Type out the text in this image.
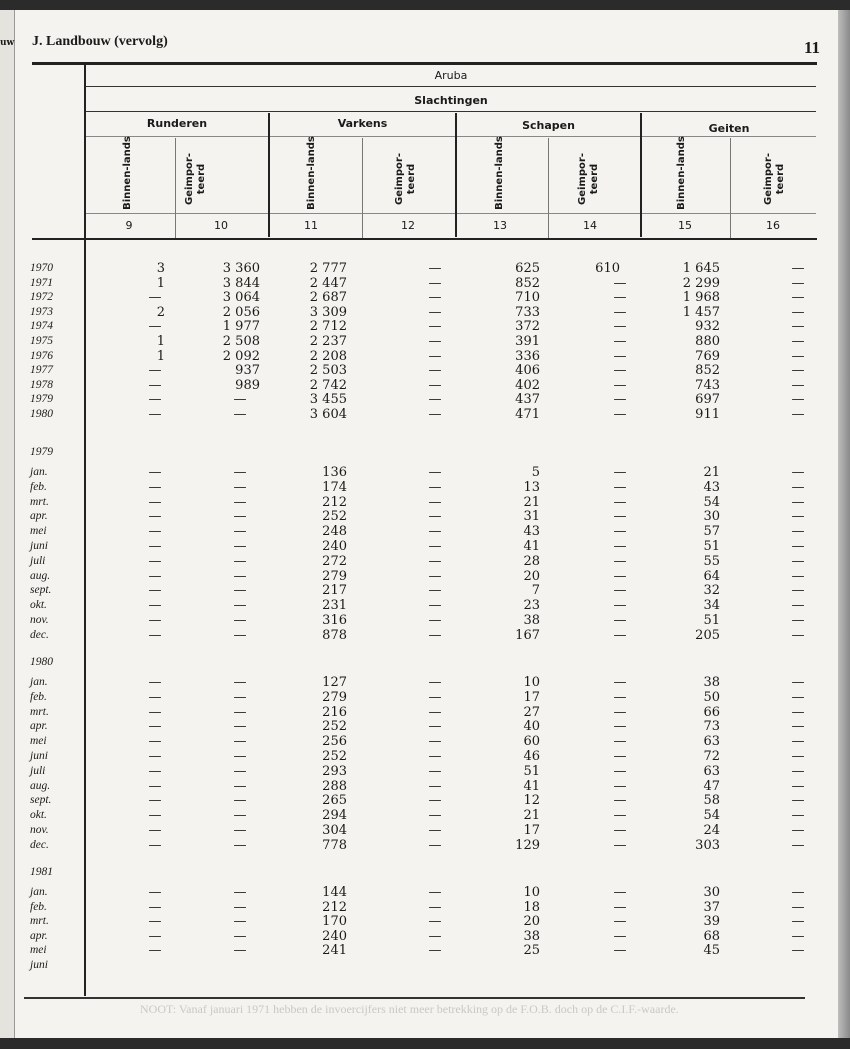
uw J. Landbouw (vervolg)	11
Aruba
Slachtingen
Runderen	Varkens	Schapen	Geiten
Binnen-lands	Geimpor-teerd	Binnen-lands	Geimpor-teerd	Binnen-lands	Geimpor-teerd	Binnen-lands	Geimpor-teerd
9	10	11	12	13	14	15	16
1970	3	3 360	2 777	—	625	610	1 645	—
1971	1	3 844	2 447	—	852	—	2 299	—
1972	—	3 064	2 687	—	710	—	1 968	—
1973	2	2 056	3 309	—	733	—	1 457	—
1974	—	1 977	2 712	—	372	—	932	—
1975	1	2 508	2 237	—	391	—	880	—
1976	1	2 092	2 208	—	336	—	769	—
1977	—	937	2 503	—	406	—	852	—
1978	—	989	2 742	—	402	—	743	—
1979	—	—	3 455	—	437	—	697	—
1980	—	—	3 604	—	471	—	911	—
1979
jan.	—	—	136	—	5	—	21	—
feb.	—	—	174	—	13	—	43	—
mrt.	—	—	212	—	21	—	54	—
apr.	—	—	252	—	31	—	30	—
mei	—	—	248	—	43	—	57	—
juni	—	—	240	—	41	—	51	—
juli	—	—	272	—	28	—	55	—
aug.	—	—	279	—	20	—	64	—
sept.	—	—	217	—	7	—	32	—
okt.	—	—	231	—	23	—	34	—
nov.	—	—	316	—	38	—	51	—
dec.	—	—	878	—	167	—	205	—
1980
jan.	—	—	127	—	10	—	38	—
feb.	—	—	279	—	17	—	50	—
mrt.	—	—	216	—	27	—	66	—
apr.	—	—	252	—	40	—	73	—
mei	—	—	256	—	60	—	63	—
juni	—	—	252	—	46	—	72	—
juli	—	—	293	—	51	—	63	—
aug.	—	—	288	—	41	—	47	—
sept.	—	—	265	—	12	—	58	—
okt.	—	—	294	—	21	—	54	—
nov.	—	—	304	—	17	—	24	—
dec.	—	—	778	—	129	—	303	—
1981
jan.	—	—	144	—	10	—	30	—
feb.	—	—	212	—	18	—	37	—
mrt.	—	—	170	—	20	—	39	—
apr.	—	—	240	—	38	—	68	—
mei	—	—	241	—	25	—	45	—
juni
NOOT: Vanaf januari 1971 hebben de invoercijfers niet meer betrekking op de F.O.B. doch op de C.I.F.-waarde.
